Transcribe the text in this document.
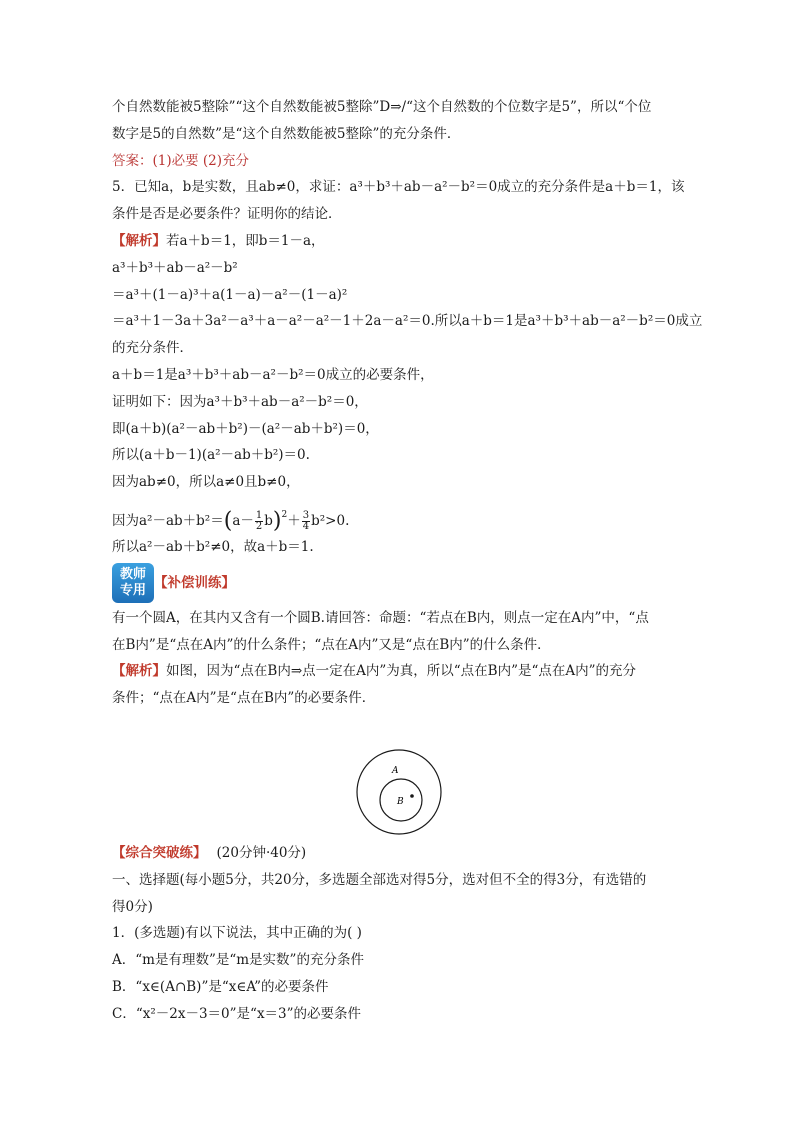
个自然数能被5整除”“这个自然数能被5整除”D⇒/“这个自然数的个位数字是5”，所以“个位
数字是5的自然数”是“这个自然数能被5整除”的充分条件．
答案：(1)必要 (2)充分
5．已知a，b是实数，且ab≠0，求证：a³＋b³＋ab－a²－b²＝0成立的充分条件是a＋b＝1，该
条件是否是必要条件？证明你的结论．
【解析】若a＋b＝1，即b＝1－a，
a³＋b³＋ab－a²－b²
＝a³＋(1－a)³＋a(1－a)－a²－(1－a)²
＝a³＋1－3a＋3a²－a³＋a－a²－a²－1＋2a－a²＝0.所以a＋b＝1是a³＋b³＋ab－a²－b²＝0成立
的充分条件．
a＋b＝1是a³＋b³＋ab－a²－b²＝0成立的必要条件，
证明如下：因为a³＋b³＋ab－a²－b²＝0，
即(a＋b)(a²－ab＋b²)－(a²－ab＋b²)＝0，
所以(a＋b－1)(a²－ab＋b²)＝0.
因为ab≠0，所以a≠0且b≠0，
因为$a^2-ab+b^2=(a- \frac{1}{2} b)^2+ \frac{3}{4} b^2>0$.
所以a²－ab＋b²≠0，故a＋b＝1.
教师
专用 【补偿训练】
有一个圆A，在其内又含有一个圆B.请回答：命题：“若点在B内，则点一定在A内”中，“点
在B内”是“点在A内”的什么条件；“点在A内”又是“点在B内”的什么条件．
【解析】如图，因为“点在B内⇒点一定在A内”为真，所以“点在B内”是“点在A内”的充分
条件；“点在A内”是“点在B内”的必要条件．
【综合突破练】 (20分钟·40分)
一、选择题(每小题5分，共20分，多选题全部选对得5分，选对但不全的得3分，有选错的
得0分)
1．(多选题)有以下说法，其中正确的为( )
A．“m是有理数”是“m是实数”的充分条件
B．“x∈(A∩B)”是“x∈A”的必要条件
C．“x²－2x－3＝0”是“x＝3”的必要条件
A
B
